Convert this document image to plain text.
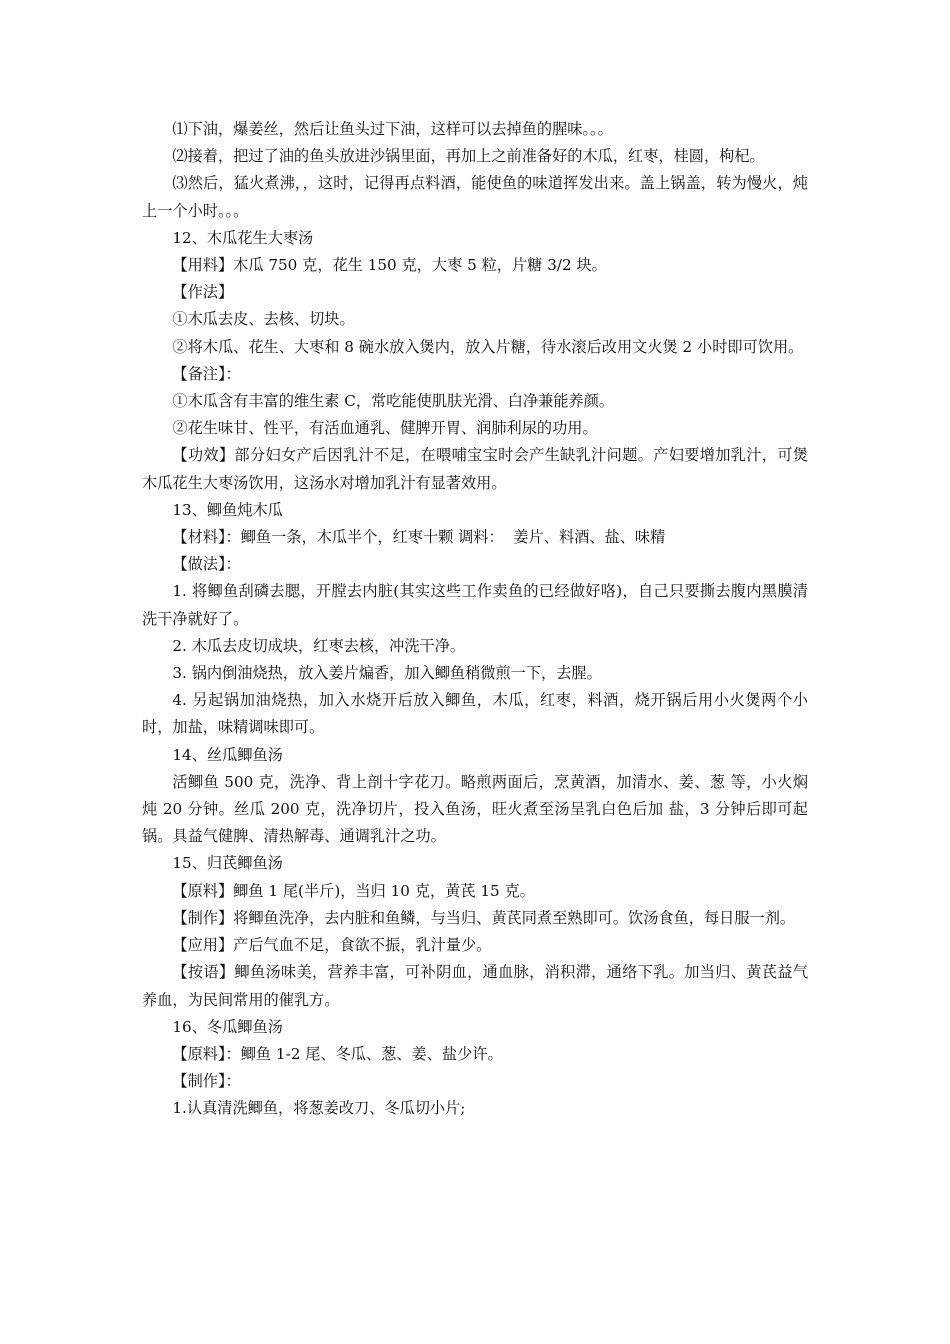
⑴下油，爆姜丝，然后让鱼头过下油，这样可以去掉鱼的腥味。。。

⑵接着，把过了油的鱼头放进沙锅里面，再加上之前准备好的木瓜，红枣，桂圆，枸杞。

⑶然后，猛火煮沸，，这时，记得再点料酒，能使鱼的味道挥发出来。盖上锅盖，转为慢火，炖上一个小时。。。

12、木瓜花生大枣汤

【用料】木瓜 750 克，花生 150 克，大枣 5 粒，片糖 3/2 块。

【作法】

①木瓜去皮、去核、切块。

②将木瓜、花生、大枣和 8 碗水放入煲内，放入片糖，待水滚后改用文火煲 2 小时即可饮用。

【备注】：

①木瓜含有丰富的维生素 C，常吃能使肌肤光滑、白净兼能养颜。

②花生味甘、性平，有活血通乳、健脾开胃、润肺利尿的功用。

【功效】部分妇女产后因乳汁不足，在喂哺宝宝时会产生缺乳汁问题。产妇要增加乳汁，可煲木瓜花生大枣汤饮用，这汤水对增加乳汁有显著效用。

13、鲫鱼炖木瓜

【材料】：鲫鱼一条，木瓜半个，红枣十颗 调料：  姜片、料酒、盐、味精

【做法】：

1. 将鲫鱼刮磷去腮，开膛去内脏(其实这些工作卖鱼的已经做好咯)，自己只要撕去腹内黑膜清洗干净就好了。

2. 木瓜去皮切成块，红枣去核，冲洗干净。

3. 锅内倒油烧热，放入姜片煸香，加入鲫鱼稍微煎一下，去腥。

4. 另起锅加油烧热，加入水烧开后放入鲫鱼，木瓜，红枣，料酒，烧开锅后用小火煲两个小时，加盐，味精调味即可。

14、丝瓜鲫鱼汤

活鲫鱼 500 克，洗净、背上剖十字花刀。略煎两面后，烹黄酒，加清水、姜、葱 等，小火焖炖 20 分钟。丝瓜 200 克，洗净切片，投入鱼汤，旺火煮至汤呈乳白色后加 盐，3 分钟后即可起锅。具益气健脾、清热解毒、通调乳汁之功。

15、归芪鲫鱼汤

【原料】鲫鱼 1 尾(半斤)，当归 10 克，黄芪 15 克。

【制作】将鲫鱼洗净，去内脏和鱼鳞，与当归、黄芪同煮至熟即可。饮汤食鱼，每日服一剂。

【应用】产后气血不足，食欲不振，乳汁量少。

【按语】鲫鱼汤味美，营养丰富，可补阴血，通血脉，消积滞，通络下乳。加当归、黄芪益气养血，为民间常用的催乳方。

16、冬瓜鲫鱼汤

【原料】：鲫鱼 1-2 尾、冬瓜、葱、姜、盐少许。

【制作】：

1.认真清洗鲫鱼，将葱姜改刀、冬瓜切小片;
